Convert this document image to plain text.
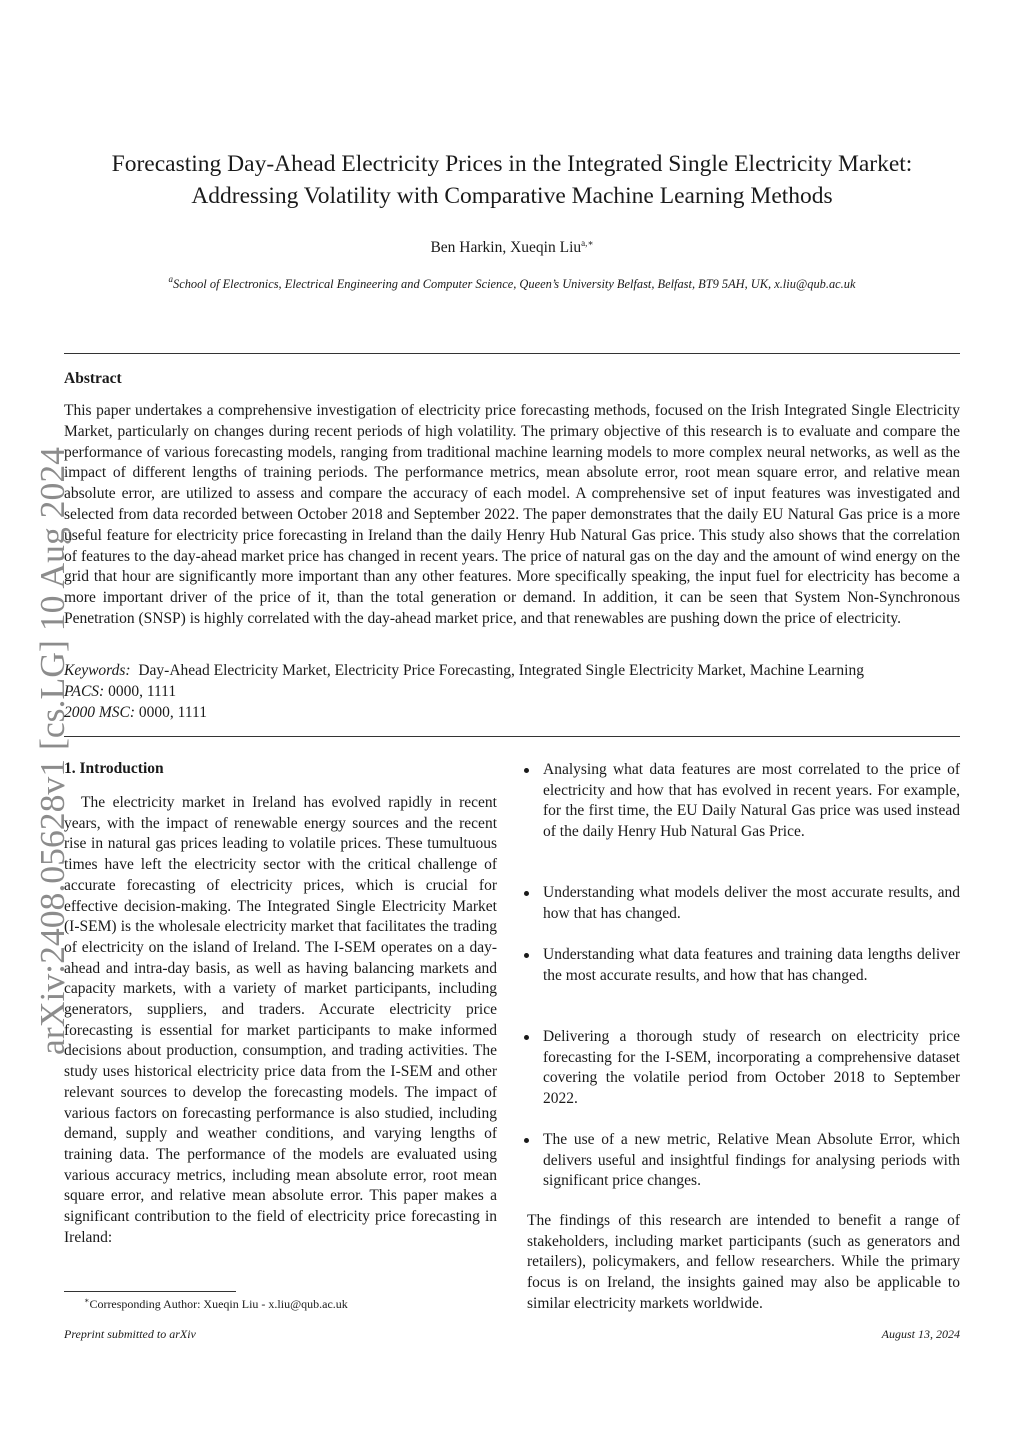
arXiv:2408.05628v1 [cs.LG] 10 Aug 2024
Forecasting Day-Ahead Electricity Prices in the Integrated Single Electricity Market:
Addressing Volatility with Comparative Machine Learning Methods
Ben Harkin, Xueqin Liu$^{a,∗}$
$^a$School of Electronics, Electrical Engineering and Computer Science, Queen’s University Belfast, Belfast, BT9 5AH, UK, x.liu@qub.ac.uk
Abstract
This paper undertakes a comprehensive investigation of electricity price forecasting methods, focused on the Irish Integrated Single Electricity Market, particularly on changes during recent periods of high volatility. The primary objective of this research is to evaluate and compare the performance of various forecasting models, ranging from traditional machine learning models to more complex neural networks, as well as the impact of different lengths of training periods. The performance metrics, mean absolute error, root mean square error, and relative mean absolute error, are utilized to assess and compare the accuracy of each model. A comprehensive set of input features was investigated and selected from data recorded between October 2018 and September 2022. The paper demonstrates that the daily EU Natural Gas price is a more useful feature for electricity price forecasting in Ireland than the daily Henry Hub Natural Gas price. This study also shows that the correlation of features to the day-ahead market price has changed in recent years. The price of natural gas on the day and the amount of wind energy on the grid that hour are significantly more important than any other features. More specifically speaking, the input fuel for electricity has become a more important driver of the price of it, than the total generation or demand. In addition, it can be seen that System Non-Synchronous Penetration (SNSP) is highly correlated with the day-ahead market price, and that renewables are pushing down the price of electricity.
Keywords: Day-Ahead Electricity Market, Electricity Price Forecasting, Integrated Single Electricity Market, Machine Learning
PACS: 0000, 1111
2000 MSC: 0000, 1111
1. Introduction

The electricity market in Ireland has evolved rapidly in recent years, with the impact of renewable energy sources and the recent rise in natural gas prices leading to volatile prices. These tumultuous times have left the electricity sector with the critical challenge of accurate forecasting of electricity prices, which is crucial for effective decision-making. The Integrated Single Electricity Market (I-SEM) is the wholesale electricity market that facilitates the trading of electricity on the island of Ireland. The I-SEM operates on a day-ahead and intra-day basis, as well as having balancing markets and capacity markets, with a variety of market participants, including generators, suppliers, and traders. Accurate electricity price forecasting is essential for market participants to make informed decisions about production, consumption, and trading activities. The study uses historical electricity price data from the I-SEM and other relevant sources to develop the forecasting models. The impact of various factors on forecasting performance is also studied, including demand, supply and weather conditions, and varying lengths of training data. The performance of the models are evaluated using various accuracy metrics, including mean absolute error, root mean square error, and relative mean absolute error. This paper makes a significant contribution to the field of electricity price forecasting in Ireland:

Analysing what data features are most correlated to the price of electricity and how that has evolved in recent years. For example, for the first time, the EU Daily Natural Gas price was used instead of the daily Henry Hub Natural Gas Price.
Understanding what models deliver the most accurate results, and how that has changed.
Understanding what data features and training data lengths deliver the most accurate results, and how that has changed.
Delivering a thorough study of research on electricity price forecasting for the I-SEM, incorporating a comprehensive dataset covering the volatile period from October 2018 to September 2022.
The use of a new metric, Relative Mean Absolute Error, which delivers useful and insightful findings for analysing periods with significant price changes.
The findings of this research are intended to benefit a range of stakeholders, including market participants (such as generators and retailers), policymakers, and fellow researchers. While the primary focus is on Ireland, the insights gained may also be applicable to similar electricity markets worldwide.
∗Corresponding Author: Xueqin Liu - x.liu@qub.ac.uk
Preprint submitted to arXiv	August 13, 2024
